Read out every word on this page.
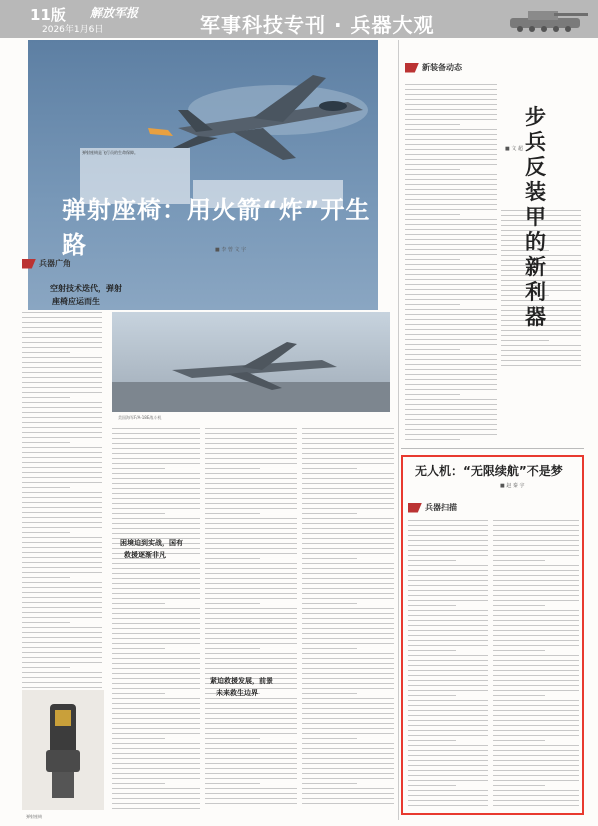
11版 解放军报
2026年1月6日	军事科技专刊 · 兵器大观
弹射座椅是飞行员的生命保障。
弹射座椅：用火箭“炸”开生路	■ 李 曾 文 宇
兵器广角
空射技术迭代，弹射
座椅应运而生
美国海军F/A-18E战斗机
困境迫到实战，国有
救援逐渐非凡
紧迫救援发展，前景
未来救生边界
弹射座椅
新装备动态
步兵反装甲的新利器
■ 文 超
无人机：“无限续航”不是梦
■ 赵 秦 宇
兵器扫描
